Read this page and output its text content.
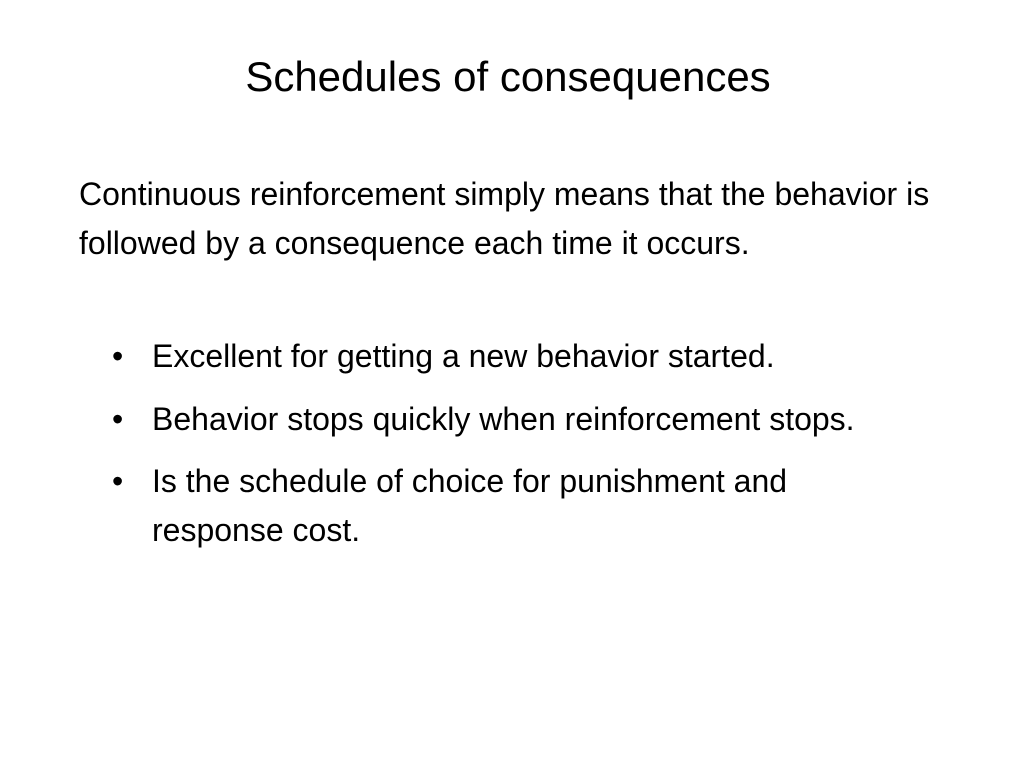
Schedules of consequences

Continuous reinforcement simply means that the behavior is followed by a consequence each time it occurs.

• Excellent for getting a new behavior started.
• Behavior stops quickly when reinforcement stops.
• Is the schedule of choice for punishment and response cost.
